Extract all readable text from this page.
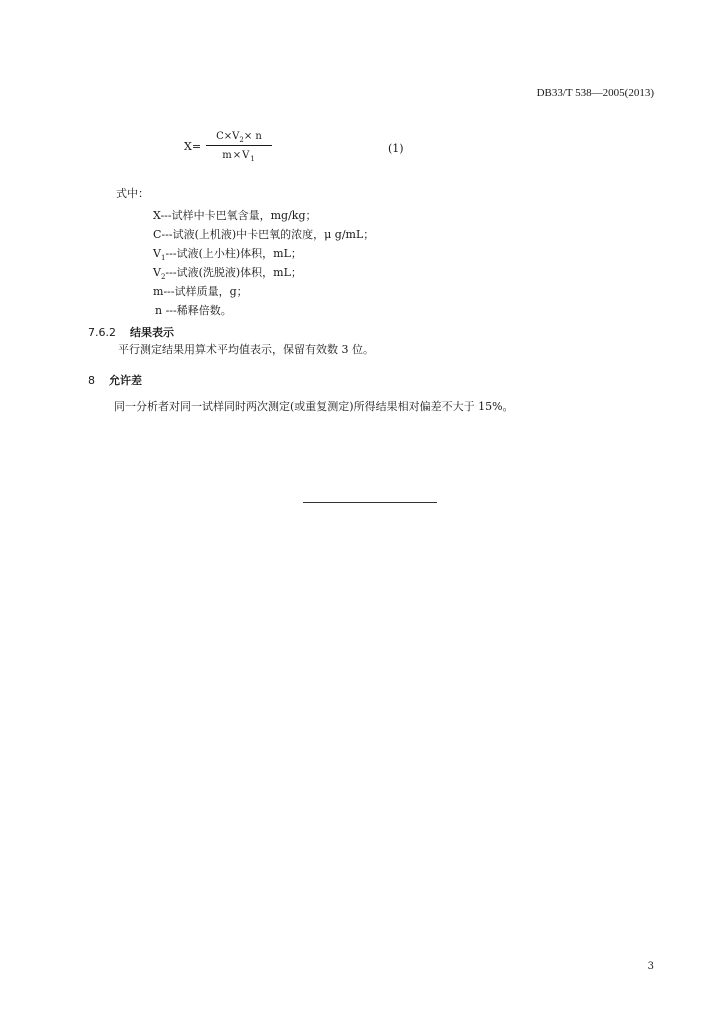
DB33/T 538—2005(2013)
X=
$C\times V_2\times n$
$m\times V_1$
(1)
式中：
X---试样中卡巴氧含量，mg/kg；
C---试液(上机液)中卡巴氧的浓度，μ g/mL；
$V_1---$试液(上小柱)体积，mL；
$V_2---$试液(洗脱液)体积，mL；
m---试样质量，g；
n ---稀释倍数。
7.6.2 结果表示
平行测定结果用算术平均值表示，保留有效数 3 位。
8 允许差
同一分析者对同一试样同时两次测定(或重复测定)所得结果相对偏差不大于 15%。
3
